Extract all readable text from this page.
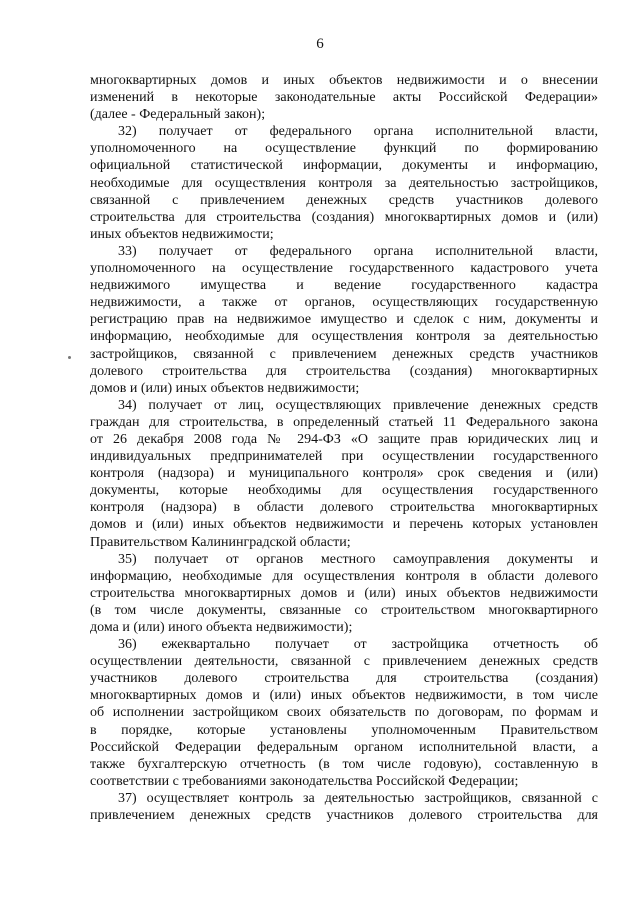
6
многоквартирных домов и иных объектов недвижимости и о внесении
изменений в некоторые законодательные акты Российской Федерации»
(далее - Федеральный закон);
32) получает от федерального органа исполнительной власти,
уполномоченного на осуществление функций по формированию
официальной статистической информации, документы и информацию,
необходимые для осуществления контроля за деятельностью застройщиков,
связанной с привлечением денежных средств участников долевого
строительства для строительства (создания) многоквартирных домов и (или)
иных объектов недвижимости;
33) получает от федерального органа исполнительной власти,
уполномоченного на осуществление государственного кадастрового учета
недвижимого имущества и ведение государственного кадастра
недвижимости, а также от органов, осуществляющих государственную
регистрацию прав на недвижимое имущество и сделок с ним, документы и
информацию, необходимые для осуществления контроля за деятельностью
застройщиков, связанной с привлечением денежных средств участников
долевого строительства для строительства (создания) многоквартирных
домов и (или) иных объектов недвижимости;
34) получает от лиц, осуществляющих привлечение денежных средств
граждан для строительства, в определенный статьей 11 Федерального закона
от 26 декабря 2008 года № 294-ФЗ «О защите прав юридических лиц и
индивидуальных предпринимателей при осуществлении государственного
контроля (надзора) и муниципального контроля» срок сведения и (или)
документы, которые необходимы для осуществления государственного
контроля (надзора) в области долевого строительства многоквартирных
домов и (или) иных объектов недвижимости и перечень которых установлен
Правительством Калининградской области;
35) получает от органов местного самоуправления документы и
информацию, необходимые для осуществления контроля в области долевого
строительства многоквартирных домов и (или) иных объектов недвижимости
(в том числе документы, связанные со строительством многоквартирного
дома и (или) иного объекта недвижимости);
36) ежеквартально получает от застройщика отчетность об
осуществлении деятельности, связанной с привлечением денежных средств
участников долевого строительства для строительства (создания)
многоквартирных домов и (или) иных объектов недвижимости, в том числе
об исполнении застройщиком своих обязательств по договорам, по формам и
в порядке, которые установлены уполномоченным Правительством
Российской Федерации федеральным органом исполнительной власти, а
также бухгалтерскую отчетность (в том числе годовую), составленную в
соответствии с требованиями законодательства Российской Федерации;
37) осуществляет контроль за деятельностью застройщиков, связанной с
привлечением денежных средств участников долевого строительства для
